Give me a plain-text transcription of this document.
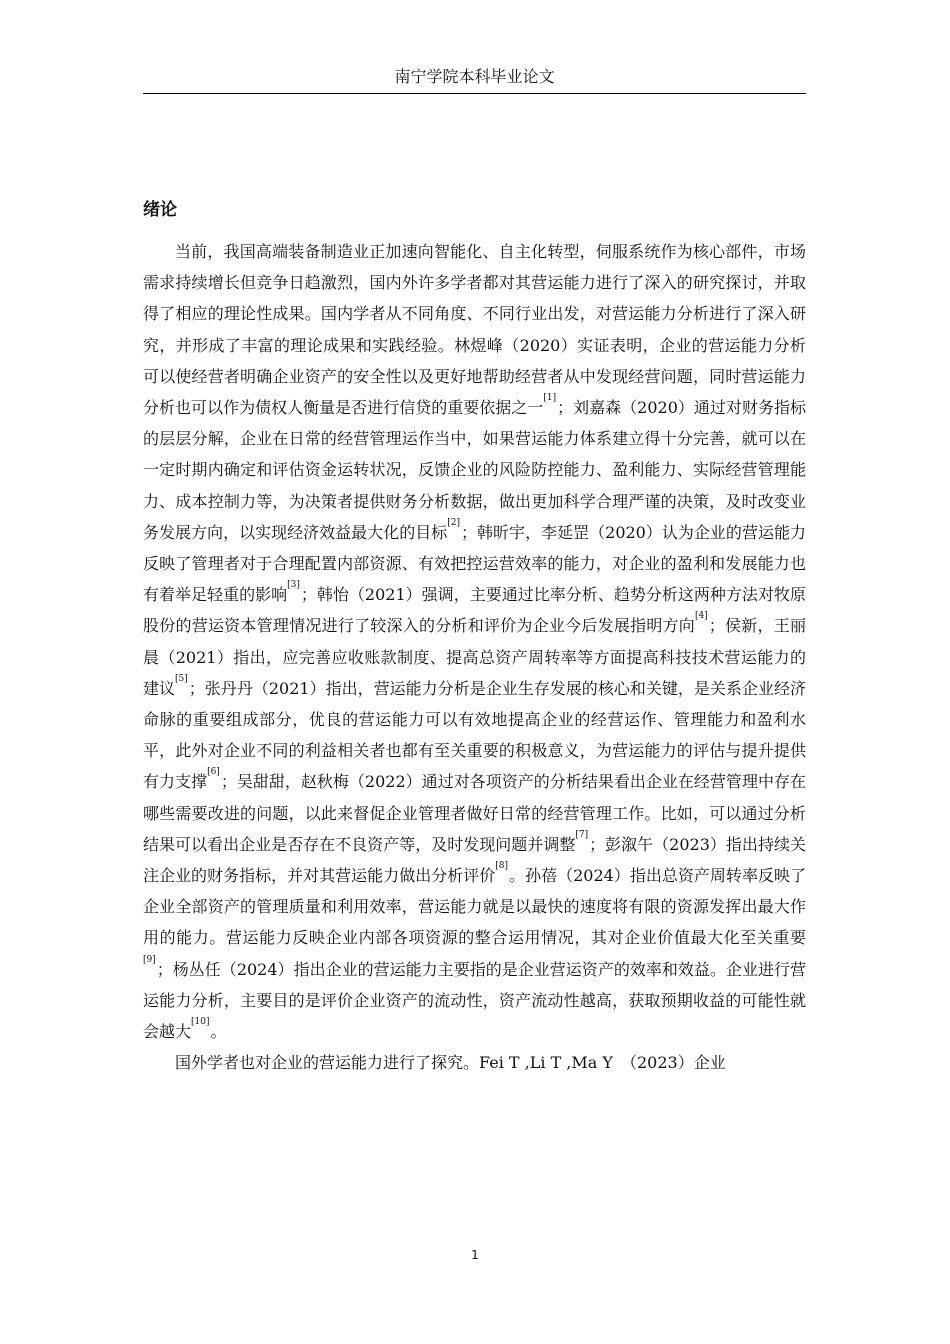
南宁学院本科毕业论文
绪论

当前，我国高端装备制造业正加速向智能化、自主化转型，伺服系统作为核心部件，市场需求持续增长但竞争日趋激烈，国内外许多学者都对其营运能力进行了深入的研究探讨，并取得了相应的理论性成果。国内学者从不同角度、不同行业出发，对营运能力分析进行了深入研究，并形成了丰富的理论成果和实践经验。林煜峰（2020）实证表明，企业的营运能力分析可以使经营者明确企业资产的安全性以及更好地帮助经营者从中发现经营问题，同时营运能力分析也可以作为债权人衡量是否进行信贷的重要依据之一[1]；刘嘉森（2020）通过对财务指标的层层分解，企业在日常的经营管理运作当中，如果营运能力体系建立得十分完善，就可以在一定时期内确定和评估资金运转状况，反馈企业的风险防控能力、盈利能力、实际经营管理能力、成本控制力等，为决策者提供财务分析数据，做出更加科学合理严谨的决策，及时改变业务发展方向，以实现经济效益最大化的目标[2]；韩昕宇，李延罡（2020）认为企业的营运能力反映了管理者对于合理配置内部资源、有效把控运营效率的能力，对企业的盈利和发展能力也有着举足轻重的影响[3]；韩怡（2021）强调，主要通过比率分析、趋势分析这两种方法对牧原股份的营运资本管理情况进行了较深入的分析和评价为企业今后发展指明方向[4]；侯新，王丽晨（2021）指出，应完善应收账款制度、提高总资产周转率等方面提高科技技术营运能力的建议[5]；张丹丹（2021）指出，营运能力分析是企业生存发展的核心和关键，是关系企业经济命脉的重要组成部分，优良的营运能力可以有效地提高企业的经营运作、管理能力和盈利水平，此外对企业不同的利益相关者也都有至关重要的积极意义，为营运能力的评估与提升提供有力支撑[6]；吴甜甜，赵秋梅（2022）通过对各项资产的分析结果看出企业在经营管理中存在哪些需要改进的问题，以此来督促企业管理者做好日常的经营管理工作。比如，可以通过分析结果可以看出企业是否存在不良资产等，及时发现问题并调整[7]；彭溆午（2023）指出持续关注企业的财务指标，并对其营运能力做出分析评价[8]。孙蓓（2024）指出总资产周转率反映了企业全部资产的管理质量和利用效率，营运能力就是以最快的速度将有限的资源发挥出最大作用的能力。营运能力反映企业内部各项资源的整合运用情况，其对企业价值最大化至关重要[9]；杨丛任（2024）指出企业的营运能力主要指的是企业营运资产的效率和效益。企业进行营运能力分析，主要目的是评价企业资产的流动性，资产流动性越高，获取预期收益的可能性就会越大[10]。

国外学者也对企业的营运能力进行了探究。Fei T ,Li T ,Ma Y　（2023）企业

1
